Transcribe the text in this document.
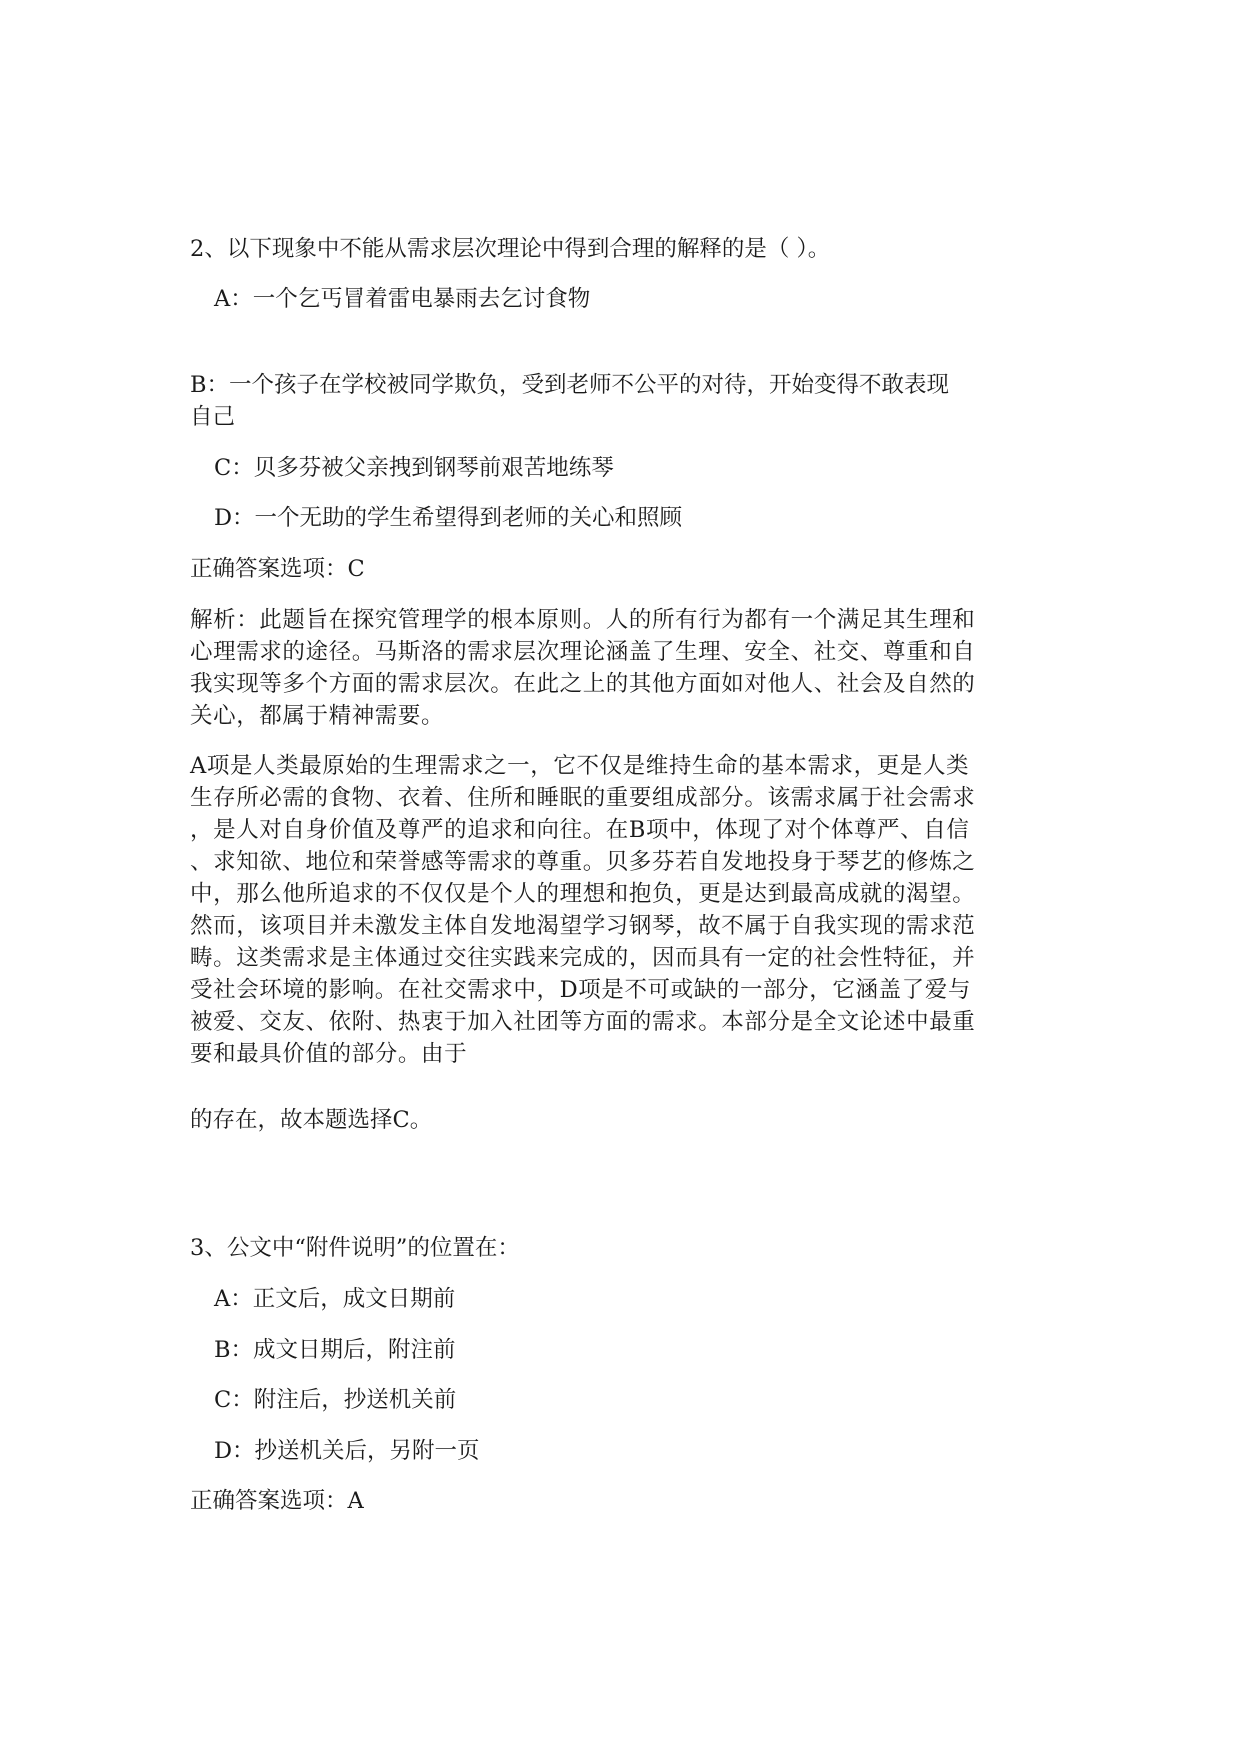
2、以下现象中不能从需求层次理论中得到合理的解释的是（ ）。
A：一个乞丐冒着雷电暴雨去乞讨食物
B：一个孩子在学校被同学欺负，受到老师不公平的对待，开始变得不敢表现
自己
C：贝多芬被父亲拽到钢琴前艰苦地练琴
D：一个无助的学生希望得到老师的关心和照顾
正确答案选项：C
解析：此题旨在探究管理学的根本原则。人的所有行为都有一个满足其生理和
心理需求的途径。马斯洛的需求层次理论涵盖了生理、安全、社交、尊重和自
我实现等多个方面的需求层次。在此之上的其他方面如对他人、社会及自然的
关心，都属于精神需要。
A项是人类最原始的生理需求之一，它不仅是维持生命的基本需求，更是人类
生存所必需的食物、衣着、住所和睡眠的重要组成部分。该需求属于社会需求
，是人对自身价值及尊严的追求和向往。在B项中，体现了对个体尊严、自信
、求知欲、地位和荣誉感等需求的尊重。贝多芬若自发地投身于琴艺的修炼之
中，那么他所追求的不仅仅是个人的理想和抱负，更是达到最高成就的渴望。
然而，该项目并未激发主体自发地渴望学习钢琴，故不属于自我实现的需求范
畴。这类需求是主体通过交往实践来完成的，因而具有一定的社会性特征，并
受社会环境的影响。在社交需求中，D项是不可或缺的一部分，它涵盖了爱与
被爱、交友、依附、热衷于加入社团等方面的需求。本部分是全文论述中最重
要和最具价值的部分。由于
的存在，故本题选择C。
3、公文中“附件说明”的位置在：
A：正文后，成文日期前
B：成文日期后，附注前
C：附注后，抄送机关前
D：抄送机关后，另附一页
正确答案选项：A
